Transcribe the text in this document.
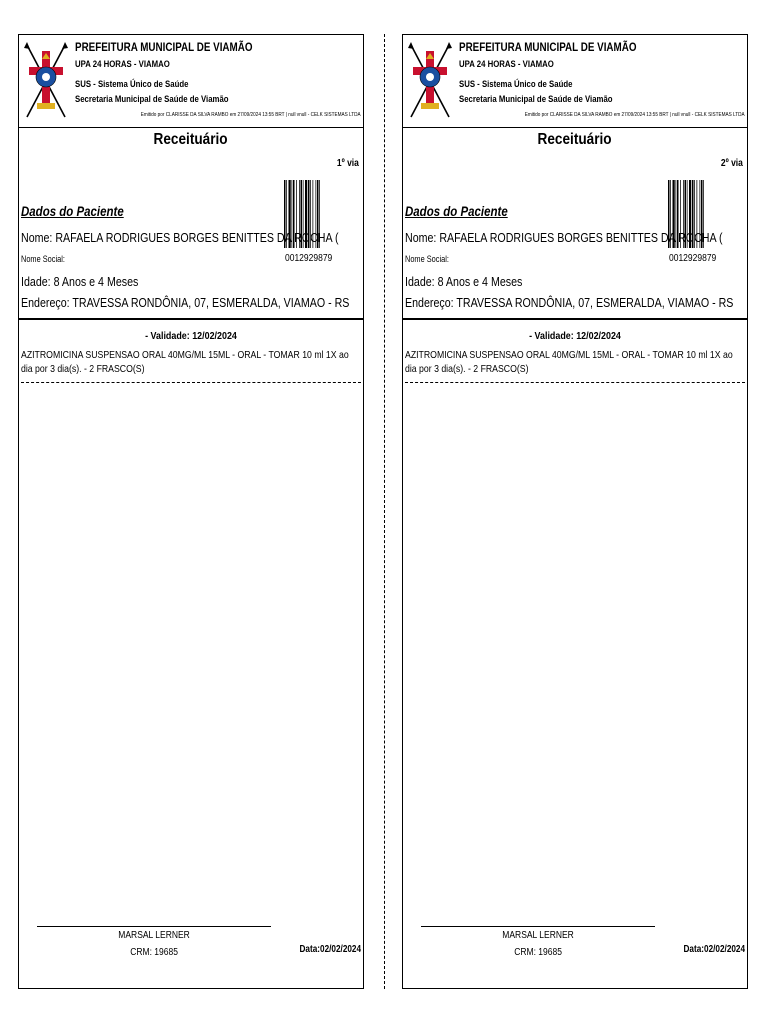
PREFEITURA MUNICIPAL DE VIAMÃO
UPA 24 HORAS - VIAMAO
SUS - Sistema Único de Saúde
Secretaria Municipal de Saúde de Viamão
Emitido por CLARISSE DA SILVA RAMBO em 27/09/2024 13:55 BRT | null vnull - CELK SISTEMAS LTDA
Receituário
1º via
0012929879
Dados do Paciente
Nome: RAFAELA RODRIGUES BORGES BENITTES DA ROCHA (
Nome Social:
Idade: 8 Anos e 4 Meses
Endereço: TRAVESSA RONDÔNIA, 07, ESMERALDA, VIAMAO - RS
- Validade: 12/02/2024
AZITROMICINA SUSPENSAO ORAL 40MG/ML 15ML - ORAL - TOMAR 10 ml 1X ao dia por 3 dia(s). - 2 FRASCO(S)
MARSAL LERNER
CRM: 19685	Data:02/02/2024
PREFEITURA MUNICIPAL DE VIAMÃO
UPA 24 HORAS - VIAMAO
SUS - Sistema Único de Saúde
Secretaria Municipal de Saúde de Viamão
Emitido por CLARISSE DA SILVA RAMBO em 27/09/2024 13:55 BRT | null vnull - CELK SISTEMAS LTDA
Receituário
2º via
0012929879
Dados do Paciente
Nome: RAFAELA RODRIGUES BORGES BENITTES DA ROCHA (
Nome Social:
Idade: 8 Anos e 4 Meses
Endereço: TRAVESSA RONDÔNIA, 07, ESMERALDA, VIAMAO - RS
- Validade: 12/02/2024
AZITROMICINA SUSPENSAO ORAL 40MG/ML 15ML - ORAL - TOMAR 10 ml 1X ao dia por 3 dia(s). - 2 FRASCO(S)
MARSAL LERNER
CRM: 19685	Data:02/02/2024
